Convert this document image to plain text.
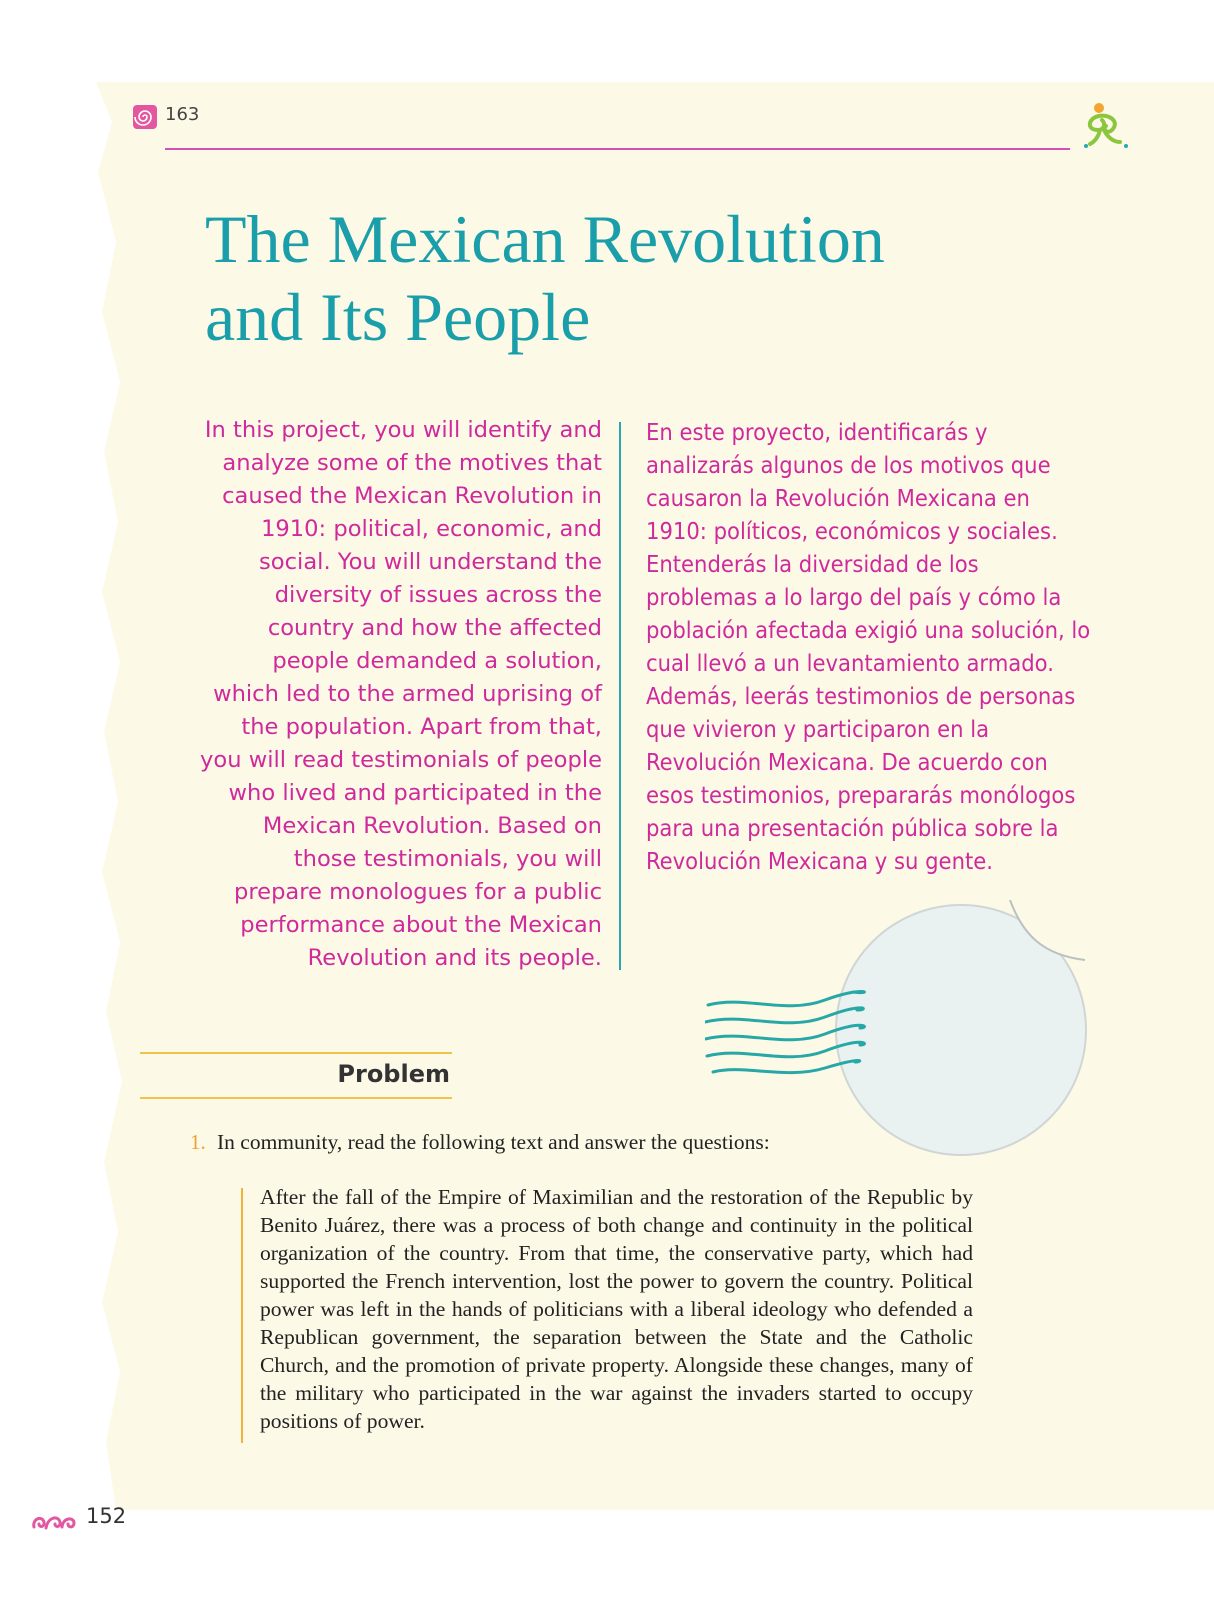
163
The Mexican Revolution
and Its People
In this project, you will identify and analyze some of the motives that caused the Mexican Revolution in 1910: political, economic, and social. You will understand the diversity of issues across the country and how the affected people demanded a solution, which led to the armed uprising of the population. Apart from that, you will read testimonials of people who lived and participated in the Mexican Revolution. Based on those testimonials, you will prepare monologues for a public performance about the Mexican Revolution and its people.
En este proyecto, identificarás y analizarás algunos de los motivos que causaron la Revolución Mexicana en 1910: políticos, económicos y sociales. Entenderás la diversidad de los problemas a lo largo del país y cómo la población afectada exigió una solución, lo cual llevó a un levantamiento armado. Además, leerás testimonios de personas que vivieron y participaron en la Revolución Mexicana. De acuerdo con esos testimonios, prepararás monólogos para una presentación pública sobre la Revolución Mexicana y su gente.
Problem
1. In community, read the following text and answer the questions:

After the fall of the Empire of Maximilian and the restoration of the Republic by Benito Juárez, there was a process of both change and continuity in the political organization of the country. From that time, the conservative party, which had supported the French intervention, lost the power to govern the country. Political power was left in the hands of politicians with a liberal ideology who defended a Republican government, the separation between the State and the Catholic Church, and the promotion of private property. Alongside these changes, many of the military who participated in the war against the invaders started to occupy positions of power.

152
